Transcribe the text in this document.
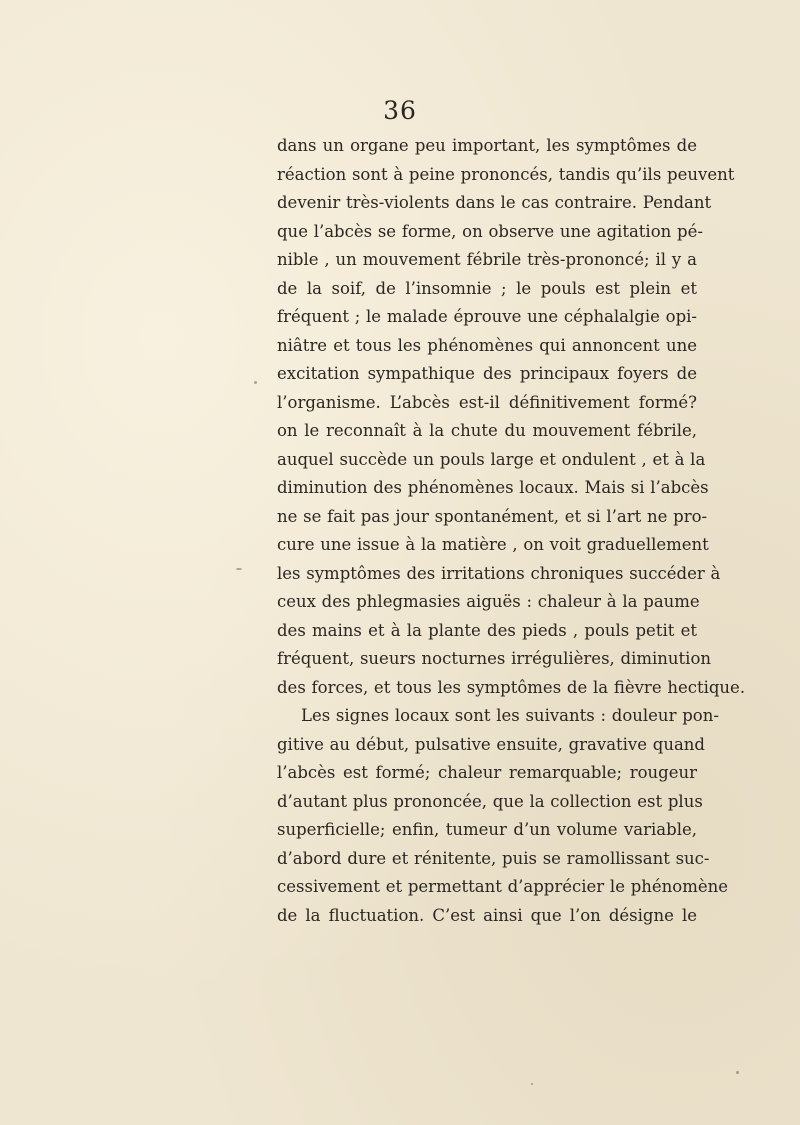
36
dans un organe peu important, les symptômes de
réaction sont à peine prononcés, tandis qu’ils peuvent
devenir très-violents dans le cas contraire. Pendant
que l’abcès se forme, on observe une agitation pé-
nible , un mouvement fébrile très-prononcé; il y a
de la soif, de l’insomnie ; le pouls est plein et
fréquent ; le malade éprouve une céphalalgie opi-
niâtre et tous les phénomènes qui annoncent une
excitation sympathique des principaux foyers de
l’organisme. L’abcès est-il définitivement formé?
on le reconnaît à la chute du mouvement fébrile,
auquel succède un pouls large et ondulent , et à la
diminution des phénomènes locaux. Mais si l’abcès
ne se fait pas jour spontanément, et si l’art ne pro-
cure une issue à la matière , on voit graduellement
les symptômes des irritations chroniques succéder à
ceux des phlegmasies aiguës : chaleur à la paume
des mains et à la plante des pieds , pouls petit et
fréquent, sueurs nocturnes irrégulières, diminution
des forces, et tous les symptômes de la fièvre hectique.
Les signes locaux sont les suivants : douleur pon-
gitive au début, pulsative ensuite, gravative quand
l’abcès est formé; chaleur remarquable; rougeur
d’autant plus prononcée, que la collection est plus
superficielle; enfin, tumeur d’un volume variable,
d’abord dure et rénitente, puis se ramollissant suc-
cessivement et permettant d’apprécier le phénomène
de la fluctuation. C’est ainsi que l’on désigne le
